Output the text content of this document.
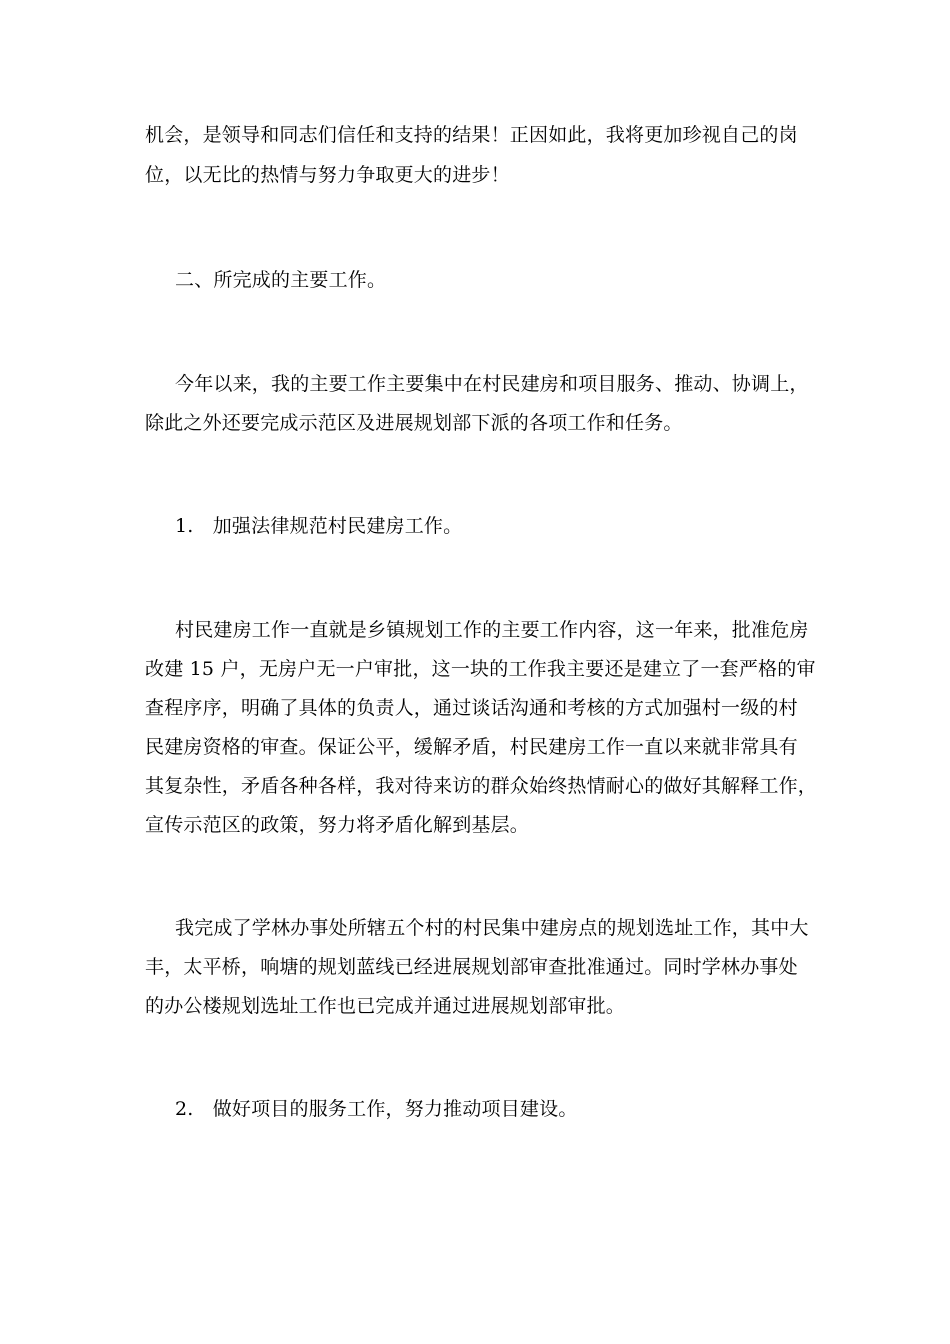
机会，是领导和同志们信任和支持的结果！正因如此，我将更加珍视自己的岗
位，以无比的热情与努力争取更大的进步！
二、所完成的主要工作。
今年以来，我的主要工作主要集中在村民建房和项目服务、推动、协调上，
除此之外还要完成示范区及进展规划部下派的各项工作和任务。
1.　加强法律规范村民建房工作。
村民建房工作一直就是乡镇规划工作的主要工作内容，这一年来，批准危房
改建 15 户，无房户无一户审批，这一块的工作我主要还是建立了一套严格的审
查程序序，明确了具体的负责人，通过谈话沟通和考核的方式加强村一级的村
民建房资格的审查。保证公平，缓解矛盾，村民建房工作一直以来就非常具有
其复杂性，矛盾各种各样，我对待来访的群众始终热情耐心的做好其解释工作，
宣传示范区的政策，努力将矛盾化解到基层。
我完成了学林办事处所辖五个村的村民集中建房点的规划选址工作，其中大
丰，太平桥，响塘的规划蓝线已经进展规划部审查批准通过。同时学林办事处
的办公楼规划选址工作也已完成并通过进展规划部审批。
2.　做好项目的服务工作，努力推动项目建设。
